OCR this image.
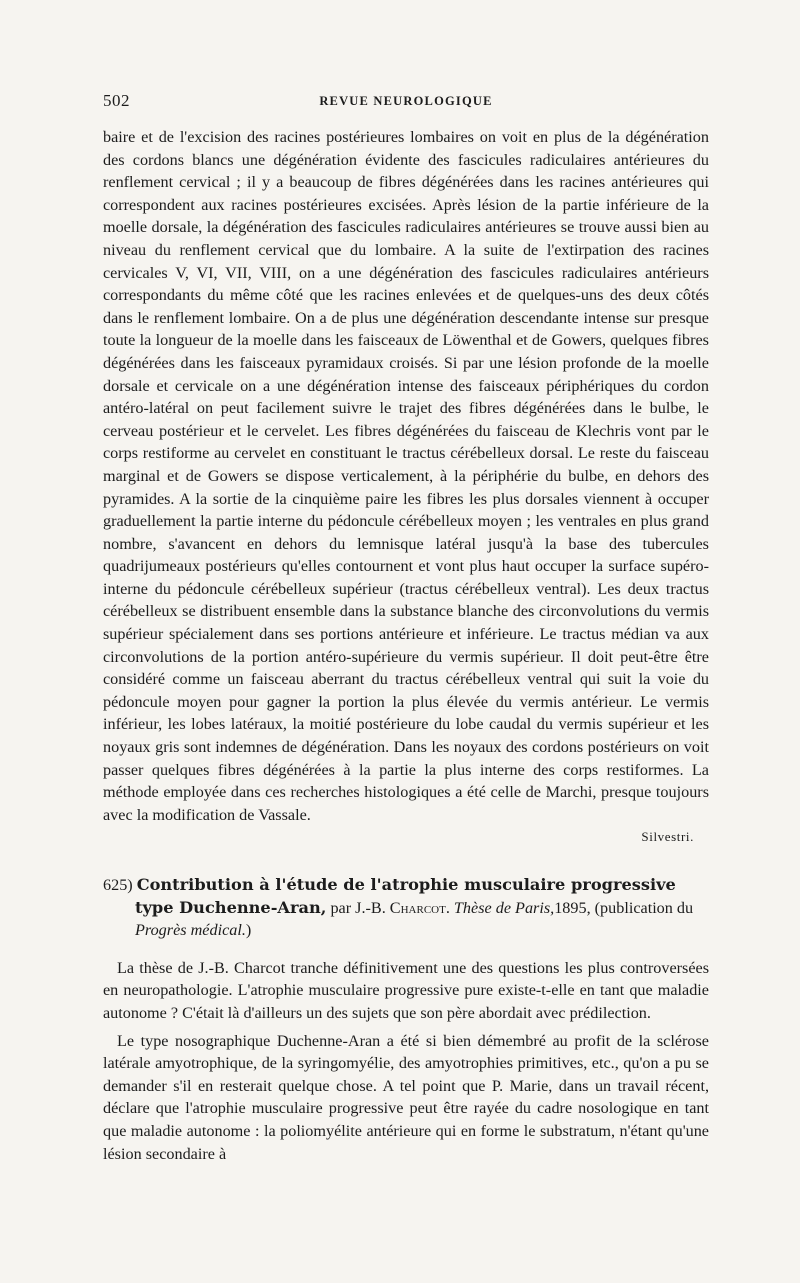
502	REVUE NEUROLOGIQUE

baire et de l'excision des racines postérieures lombaires on voit en plus de la dégénération des cordons blancs une dégénération évidente des fascicules radiculaires antérieures du renflement cervical ; il y a beaucoup de fibres dégénérées dans les racines antérieures qui correspondent aux racines postérieures excisées. Après lésion de la partie inférieure de la moelle dorsale, la dégénération des fascicules radiculaires antérieures se trouve aussi bien au niveau du renflement cervical que du lombaire. A la suite de l'extirpation des racines cervicales V, VI, VII, VIII, on a une dégénération des fascicules radiculaires antérieurs correspondants du même côté que les racines enlevées et de quelques-uns des deux côtés dans le renflement lombaire. On a de plus une dégénération descendante intense sur presque toute la longueur de la moelle dans les faisceaux de Löwenthal et de Gowers, quelques fibres dégénérées dans les faisceaux pyramidaux croisés. Si par une lésion profonde de la moelle dorsale et cervicale on a une dégénération intense des faisceaux périphériques du cordon antéro-latéral on peut facilement suivre le trajet des fibres dégénérées dans le bulbe, le cerveau postérieur et le cervelet. Les fibres dégénérées du faisceau de Klechris vont par le corps restiforme au cervelet en constituant le tractus cérébelleux dorsal. Le reste du faisceau marginal et de Gowers se dispose verticalement, à la périphérie du bulbe, en dehors des pyramides. A la sortie de la cinquième paire les fibres les plus dorsales viennent à occuper graduellement la partie interne du pédoncule cérébelleux moyen ; les ventrales en plus grand nombre, s'avancent en dehors du lemnisque latéral jusqu'à la base des tubercules quadrijumeaux postérieurs qu'elles contournent et vont plus haut occuper la surface supéro-interne du pédoncule cérébelleux supérieur (tractus cérébelleux ventral). Les deux tractus cérébelleux se distribuent ensemble dans la substance blanche des circonvolutions du vermis supérieur spécialement dans ses portions antérieure et inférieure. Le tractus médian va aux circonvolutions de la portion antéro-supérieure du vermis supérieur. Il doit peut-être être considéré comme un faisceau aberrant du tractus cérébelleux ventral qui suit la voie du pédoncule moyen pour gagner la portion la plus élevée du vermis antérieur. Le vermis inférieur, les lobes latéraux, la moitié postérieure du lobe caudal du vermis supérieur et les noyaux gris sont indemnes de dégénération. Dans les noyaux des cordons postérieurs on voit passer quelques fibres dégénérées à la partie la plus interne des corps restiformes. La méthode employée dans ces recherches histologiques a été celle de Marchi, presque toujours avec la modification de Vassale.

Silvestri.

625) Contribution à l'étude de l'atrophie musculaire progressive type Duchenne-Aran, par J.-B. Charcot. Thèse de Paris,1895, (publication du Progrès médical.)

La thèse de J.-B. Charcot tranche définitivement une des questions les plus controversées en neuropathologie. L'atrophie musculaire progressive pure existe-t-elle en tant que maladie autonome ? C'était là d'ailleurs un des sujets que son père abordait avec prédilection.

Le type nosographique Duchenne-Aran a été si bien démembré au profit de la sclérose latérale amyotrophique, de la syringomyélie, des amyotrophies primitives, etc., qu'on a pu se demander s'il en resterait quelque chose. A tel point que P. Marie, dans un travail récent, déclare que l'atrophie musculaire progressive peut être rayée du cadre nosologique en tant que maladie autonome : la poliomyélite antérieure qui en forme le substratum, n'étant qu'une lésion secondaire à
